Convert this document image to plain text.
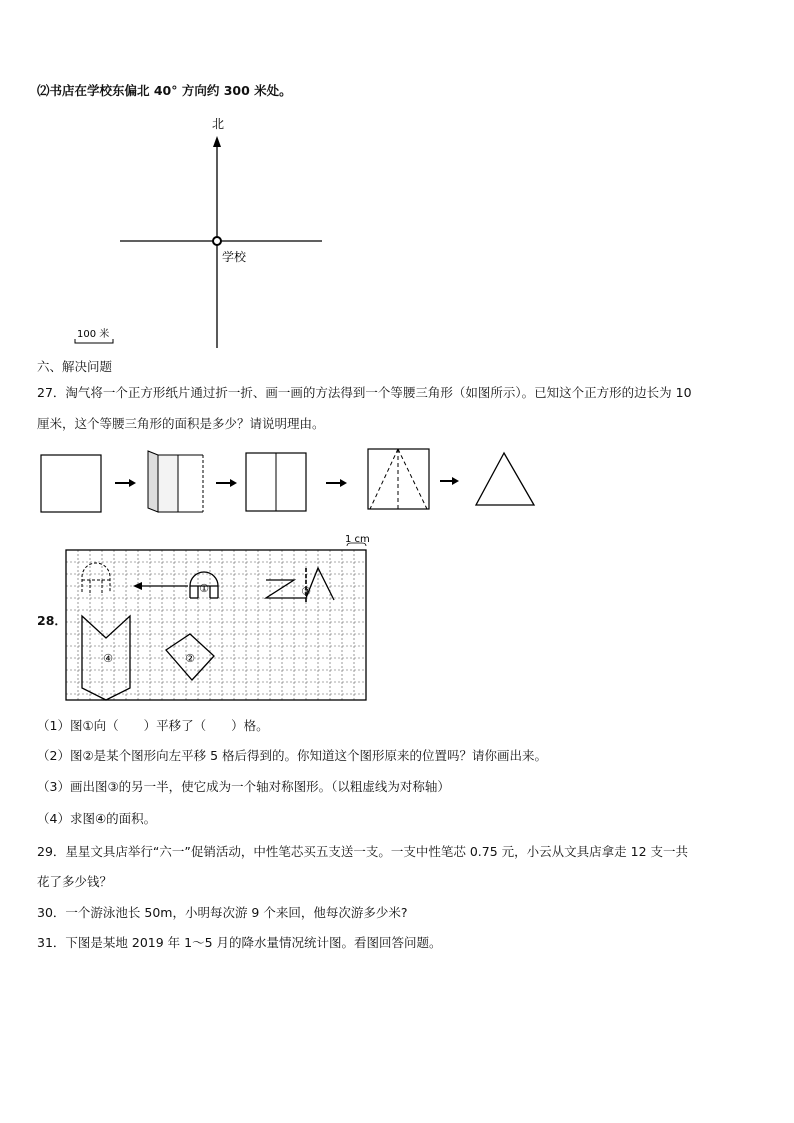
⑵书店在学校东偏北 40° 方向约 300 米处。
北
学校
100 米
六、解决问题
27．淘气将一个正方形纸片通过折一折、画一画的方法得到一个等腰三角形（如图所示）。已知这个正方形的边长为 10
厘米，这个等腰三角形的面积是多少？请说明理由。
28．
1 cm
①	③
④	②
（1）图①向（　　）平移了（　　）格。
（2）图②是某个图形向左平移 5 格后得到的。你知道这个图形原来的位置吗？请你画出来。
（3）画出图③的另一半，使它成为一个轴对称图形。（以粗虚线为对称轴）
（4）求图④的面积。
29．星星文具店举行“六一”促销活动，中性笔芯买五支送一支。一支中性笔芯 0.75 元，小云从文具店拿走 12 支一共
花了多少钱？
30．一个游泳池长 50m，小明每次游 9 个来回，他每次游多少米?
31．下图是某地 2019 年 1～5 月的降水量情况统计图。看图回答问题。
